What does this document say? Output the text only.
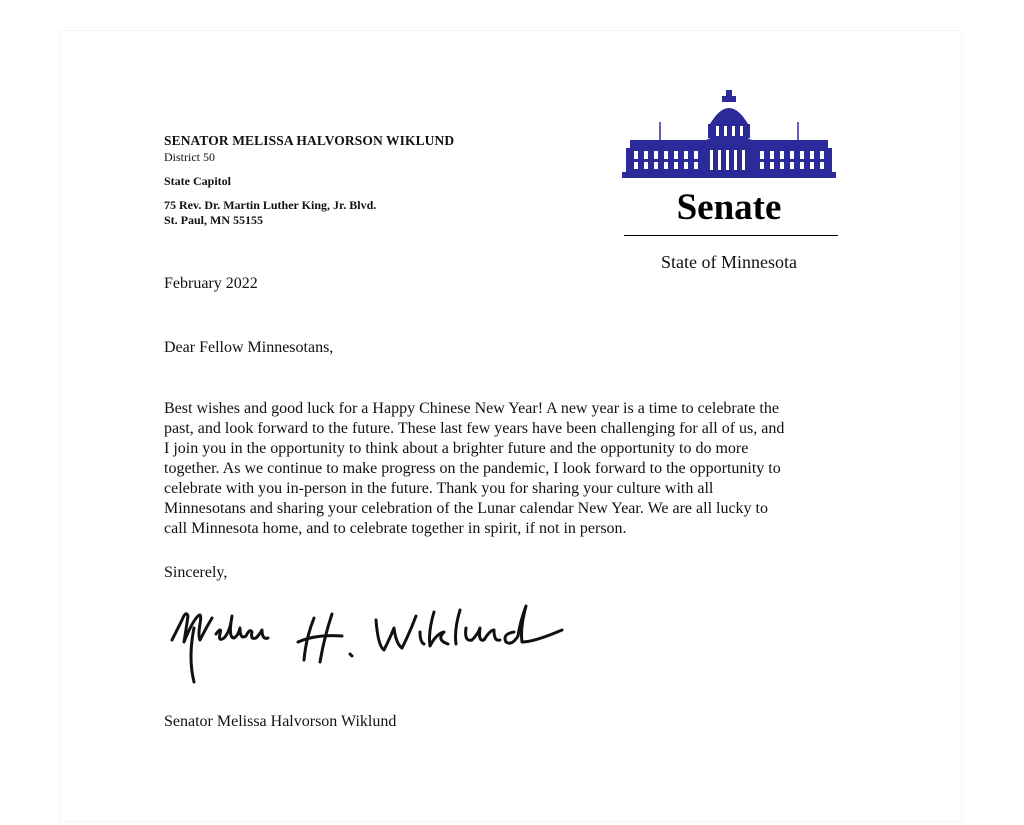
SENATOR MELISSA HALVORSON WIKLUND
District 50
State Capitol
75 Rev. Dr. Martin Luther King, Jr. Blvd.
St. Paul, MN 55155	Senate
State of Minnesota
February 2022
Dear Fellow Minnesotans,
Best wishes and good luck for a Happy Chinese New Year! A new year is a time to celebrate the
past, and look forward to the future. These last few years have been challenging for all of us, and
I join you in the opportunity to think about a brighter future and the opportunity to do more
together. As we continue to make progress on the pandemic, I look forward to the opportunity to
celebrate with you in-person in the future. Thank you for sharing your culture with all
Minnesotans and sharing your celebration of the Lunar calendar New Year. We are all lucky to
call Minnesota home, and to celebrate together in spirit, if not in person.
Sincerely,
Senator Melissa Halvorson Wiklund
